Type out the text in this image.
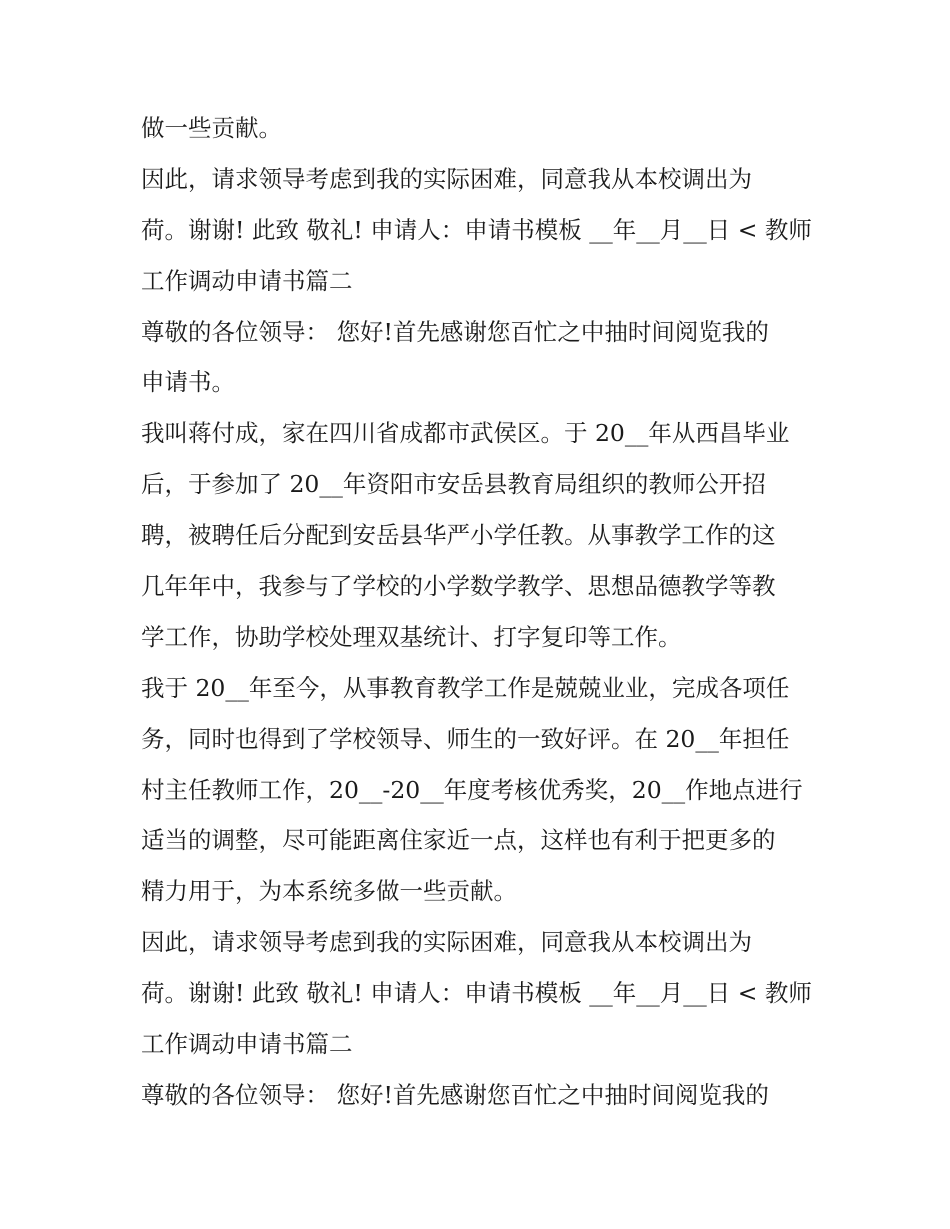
做一些贡献。
因此，请求领导考虑到我的实际困难，同意我从本校调出为
荷。谢谢! 此致 敬礼! 申请人：申请书模板 __年__月__日 < 教师
工作调动申请书篇二
尊敬的各位领导： 您好!首先感谢您百忙之中抽时间阅览我的
申请书。
我叫蒋付成，家在四川省成都市武侯区。于 20__年从西昌毕业
后，于参加了 20__年资阳市安岳县教育局组织的教师公开招
聘，被聘任后分配到安岳县华严小学任教。从事教学工作的这
几年年中，我参与了学校的小学数学教学、思想品德教学等教
学工作，协助学校处理双基统计、打字复印等工作。
我于 20__年至今，从事教育教学工作是兢兢业业，完成各项任
务，同时也得到了学校领导、师生的一致好评。在 20__年担任
村主任教师工作，20__-20__年度考核优秀奖，20__作地点进行
适当的调整，尽可能距离住家近一点，这样也有利于把更多的
精力用于，为本系统多做一些贡献。
因此，请求领导考虑到我的实际困难，同意我从本校调出为
荷。谢谢! 此致 敬礼! 申请人：申请书模板 __年__月__日 < 教师
工作调动申请书篇二
尊敬的各位领导： 您好!首先感谢您百忙之中抽时间阅览我的
